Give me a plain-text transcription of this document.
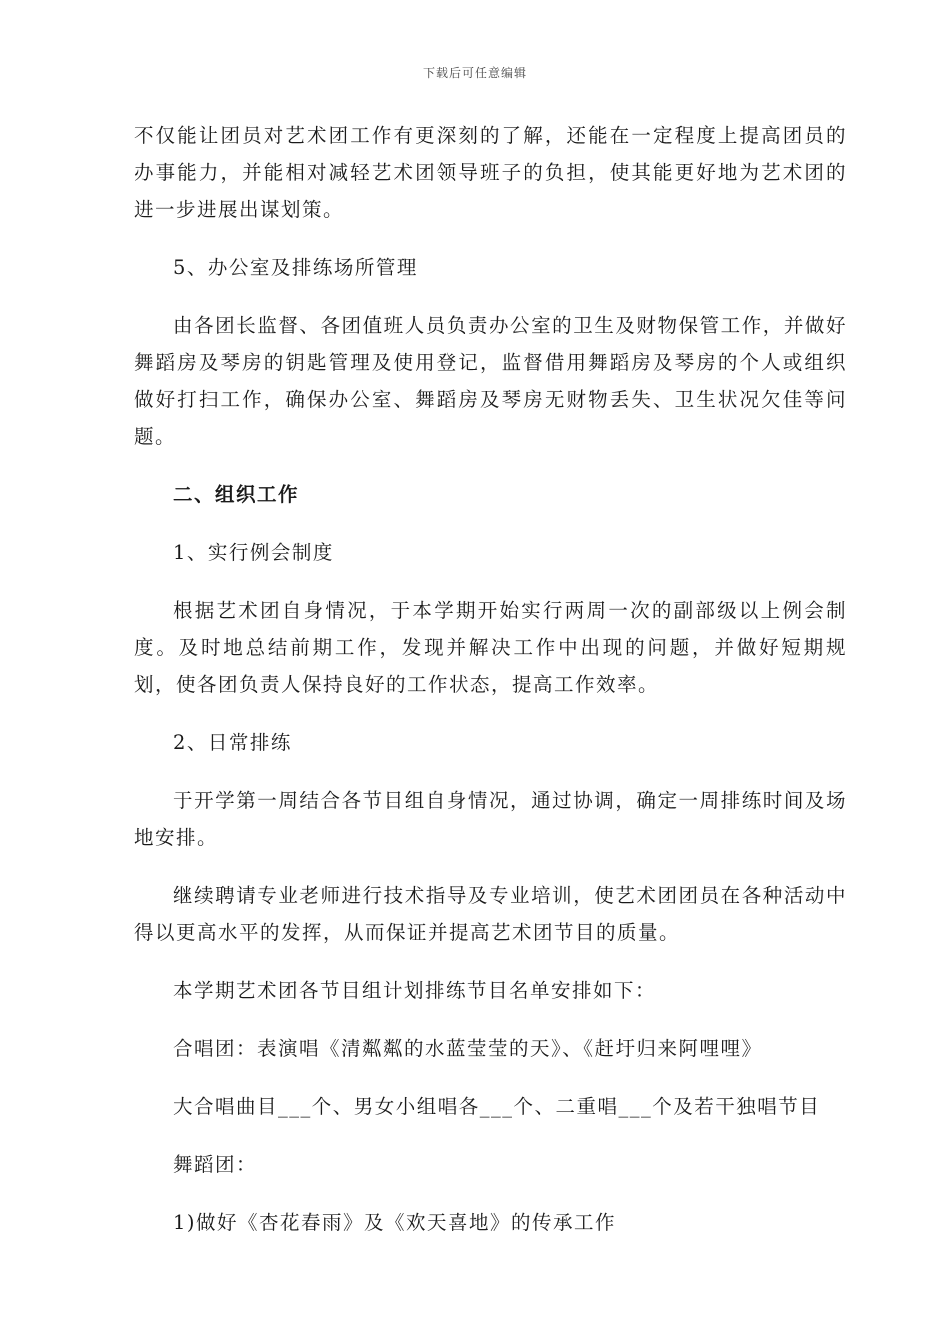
下载后可任意编辑

不仅能让团员对艺术团工作有更深刻的了解，还能在一定程度上提高团员的办事能力，并能相对减轻艺术团领导班子的负担，使其能更好地为艺术团的进一步进展出谋划策。

5、办公室及排练场所管理

由各团长监督、各团值班人员负责办公室的卫生及财物保管工作，并做好舞蹈房及琴房的钥匙管理及使用登记，监督借用舞蹈房及琴房的个人或组织做好打扫工作，确保办公室、舞蹈房及琴房无财物丢失、卫生状况欠佳等问题。

二、组织工作

1、实行例会制度

根据艺术团自身情况，于本学期开始实行两周一次的副部级以上例会制度。及时地总结前期工作，发现并解决工作中出现的问题，并做好短期规划，使各团负责人保持良好的工作状态，提高工作效率。

2、日常排练

于开学第一周结合各节目组自身情况，通过协调，确定一周排练时间及场地安排。

继续聘请专业老师进行技术指导及专业培训，使艺术团团员在各种活动中得以更高水平的发挥，从而保证并提高艺术团节目的质量。

本学期艺术团各节目组计划排练节目名单安排如下：

合唱团：表演唱《清粼粼的水蓝莹莹的天》、《赶圩归来阿哩哩》

大合唱曲目___个、男女小组唱各___个、二重唱___个及若干独唱节目

舞蹈团：

1)做好《杏花春雨》及《欢天喜地》的传承工作
